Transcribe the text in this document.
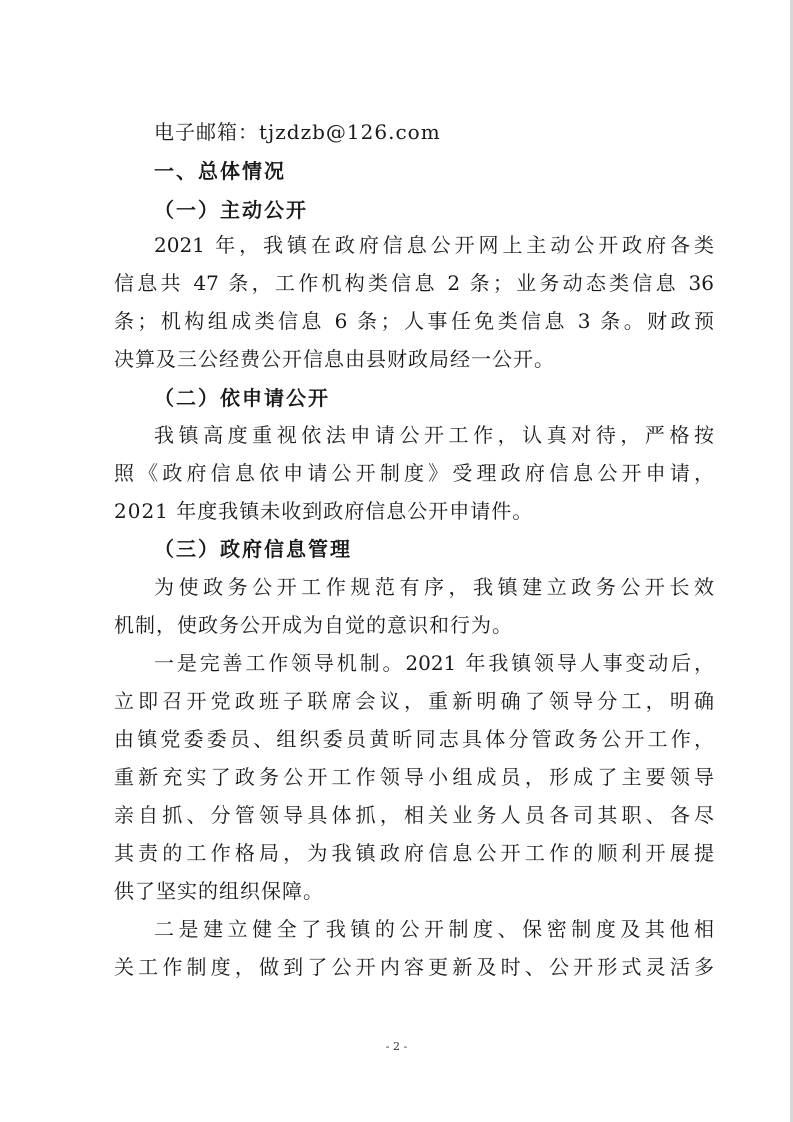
电子邮箱：tjzdzb@126.com
一、总体情况
（一）主动公开
2021 年，我镇在政府信息公开网上主动公开政府各类
信息共 47 条，工作机构类信息 2 条；业务动态类信息 36
条；机构组成类信息 6 条；人事任免类信息 3 条。财政预
决算及三公经费公开信息由县财政局经一公开。
（二）依申请公开
我镇高度重视依法申请公开工作，认真对待，严格按
照《政府信息依申请公开制度》受理政府信息公开申请，
2021 年度我镇未收到政府信息公开申请件。
（三）政府信息管理
为使政务公开工作规范有序，我镇建立政务公开长效
机制，使政务公开成为自觉的意识和行为。
一是完善工作领导机制。2021 年我镇领导人事变动后，
立即召开党政班子联席会议，重新明确了领导分工，明确
由镇党委委员、组织委员黄昕同志具体分管政务公开工作，
重新充实了政务公开工作领导小组成员，形成了主要领导
亲自抓、分管领导具体抓，相关业务人员各司其职、各尽
其责的工作格局，为我镇政府信息公开工作的顺利开展提
供了坚实的组织保障。
二是建立健全了我镇的公开制度、保密制度及其他相
关工作制度，做到了公开内容更新及时、公开形式灵活多
- 2 -
